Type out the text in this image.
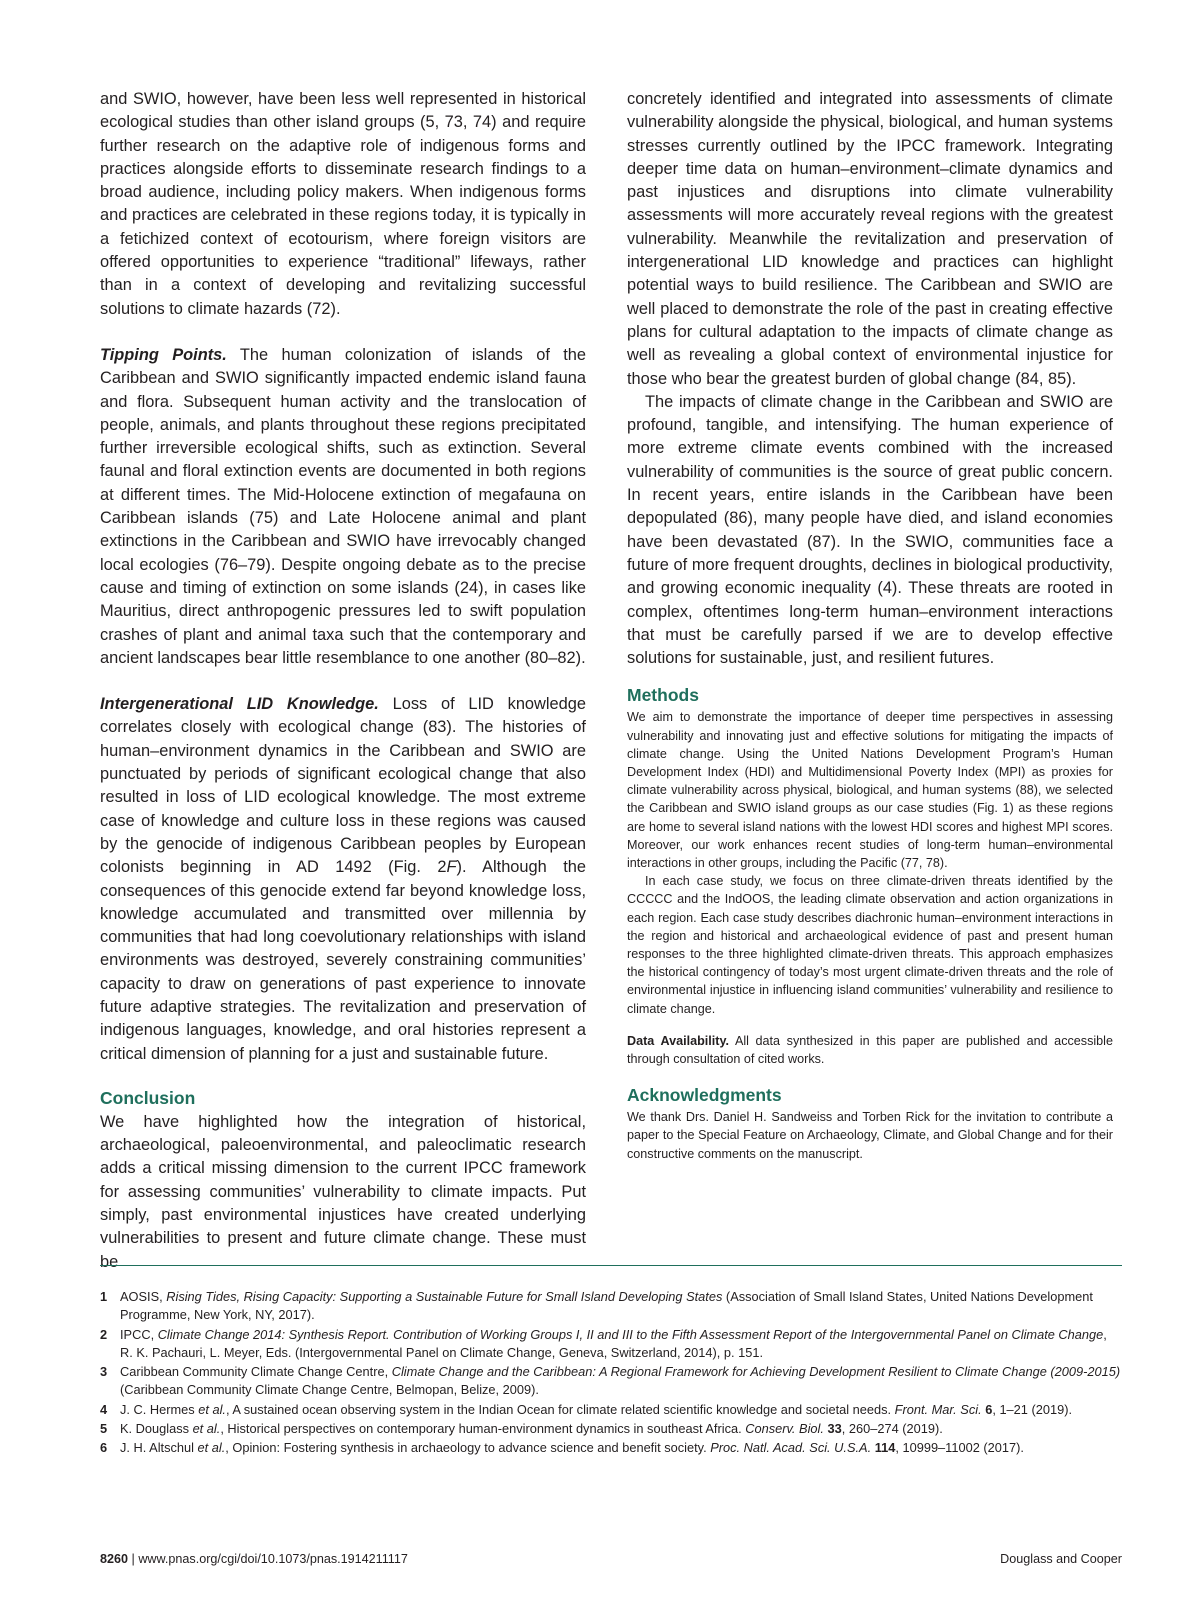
and SWIO, however, have been less well represented in historical ecological studies than other island groups (5, 73, 74) and require further research on the adaptive role of indigenous forms and practices alongside efforts to disseminate research findings to a broad audience, including policy makers. When indigenous forms and practices are celebrated in these regions today, it is typically in a fetichized context of ecotourism, where foreign visitors are offered opportunities to experience “traditional” lifeways, rather than in a context of developing and revitalizing successful solutions to climate hazards (72).

Tipping Points. The human colonization of islands of the Caribbean and SWIO significantly impacted endemic island fauna and flora. Subsequent human activity and the translocation of people, animals, and plants throughout these regions precipitated further irreversible ecological shifts, such as extinction. Several faunal and floral extinction events are documented in both regions at different times. The Mid-Holocene extinction of megafauna on Caribbean islands (75) and Late Holocene animal and plant extinctions in the Caribbean and SWIO have irrevocably changed local ecologies (76–79). Despite ongoing debate as to the precise cause and timing of extinction on some islands (24), in cases like Mauritius, direct anthropogenic pressures led to swift population crashes of plant and animal taxa such that the contemporary and ancient landscapes bear little resemblance to one another (80–82).

Intergenerational LID Knowledge. Loss of LID knowledge correlates closely with ecological change (83). The histories of human–environment dynamics in the Caribbean and SWIO are punctuated by periods of significant ecological change that also resulted in loss of LID ecological knowledge. The most extreme case of knowledge and culture loss in these regions was caused by the genocide of indigenous Caribbean peoples by European colonists beginning in AD 1492 (Fig. 2F). Although the consequences of this genocide extend far beyond knowledge loss, knowledge accumulated and transmitted over millennia by communities that had long coevolutionary relationships with island environments was destroyed, severely constraining communities’ capacity to draw on generations of past experience to innovate future adaptive strategies. The revitalization and preservation of indigenous languages, knowledge, and oral histories represent a critical dimension of planning for a just and sustainable future.

Conclusion

We have highlighted how the integration of historical, archaeological, paleoenvironmental, and paleoclimatic research adds a critical missing dimension to the current IPCC framework for assessing communities’ vulnerability to climate impacts. Put simply, past environmental injustices have created underlying vulnerabilities to present and future climate change. These must be

concretely identified and integrated into assessments of climate vulnerability alongside the physical, biological, and human systems stresses currently outlined by the IPCC framework. Integrating deeper time data on human–environment–climate dynamics and past injustices and disruptions into climate vulnerability assessments will more accurately reveal regions with the greatest vulnerability. Meanwhile the revitalization and preservation of intergenerational LID knowledge and practices can highlight potential ways to build resilience. The Caribbean and SWIO are well placed to demonstrate the role of the past in creating effective plans for cultural adaptation to the impacts of climate change as well as revealing a global context of environmental injustice for those who bear the greatest burden of global change (84, 85).

The impacts of climate change in the Caribbean and SWIO are profound, tangible, and intensifying. The human experience of more extreme climate events combined with the increased vulnerability of communities is the source of great public concern. In recent years, entire islands in the Caribbean have been depopulated (86), many people have died, and island economies have been devastated (87). In the SWIO, communities face a future of more frequent droughts, declines in biological productivity, and growing economic inequality (4). These threats are rooted in complex, oftentimes long-term human–environment interactions that must be carefully parsed if we are to develop effective solutions for sustainable, just, and resilient futures.

Methods

We aim to demonstrate the importance of deeper time perspectives in assessing vulnerability and innovating just and effective solutions for mitigating the impacts of climate change. Using the United Nations Development Program’s Human Development Index (HDI) and Multidimensional Poverty Index (MPI) as proxies for climate vulnerability across physical, biological, and human systems (88), we selected the Caribbean and SWIO island groups as our case studies (Fig. 1) as these regions are home to several island nations with the lowest HDI scores and highest MPI scores. Moreover, our work enhances recent studies of long-term human–environmental interactions in other groups, including the Pacific (77, 78).

In each case study, we focus on three climate-driven threats identified by the CCCCC and the IndOOS, the leading climate observation and action organizations in each region. Each case study describes diachronic human–environment interactions in the region and historical and archaeological evidence of past and present human responses to the three highlighted climate-driven threats. This approach emphasizes the historical contingency of today’s most urgent climate-driven threats and the role of environmental injustice in influencing island communities’ vulnerability and resilience to climate change.

Data Availability. All data synthesized in this paper are published and accessible through consultation of cited works.

Acknowledgments

We thank Drs. Daniel H. Sandweiss and Torben Rick for the invitation to contribute a paper to the Special Feature on Archaeology, Climate, and Global Change and for their constructive comments on the manuscript.

1 AOSIS, Rising Tides, Rising Capacity: Supporting a Sustainable Future for Small Island Developing States (Association of Small Island States, United Nations Development Programme, New York, NY, 2017).

2 IPCC, Climate Change 2014: Synthesis Report. Contribution of Working Groups I, II and III to the Fifth Assessment Report of the Intergovernmental Panel on Climate Change, R. K. Pachauri, L. Meyer, Eds. (Intergovernmental Panel on Climate Change, Geneva, Switzerland, 2014), p. 151.

3 Caribbean Community Climate Change Centre, Climate Change and the Caribbean: A Regional Framework for Achieving Development Resilient to Climate Change (2009-2015) (Caribbean Community Climate Change Centre, Belmopan, Belize, 2009).

4 J. C. Hermes et al., A sustained ocean observing system in the Indian Ocean for climate related scientific knowledge and societal needs. Front. Mar. Sci. 6, 1–21 (2019).

5 K. Douglass et al., Historical perspectives on contemporary human-environment dynamics in southeast Africa. Conserv. Biol. 33, 260–274 (2019).

6 J. H. Altschul et al., Opinion: Fostering synthesis in archaeology to advance science and benefit society. Proc. Natl. Acad. Sci. U.S.A. 114, 10999–11002 (2017).

8260 | www.pnas.org/cgi/doi/10.1073/pnas.1914211117	Douglass and Cooper
